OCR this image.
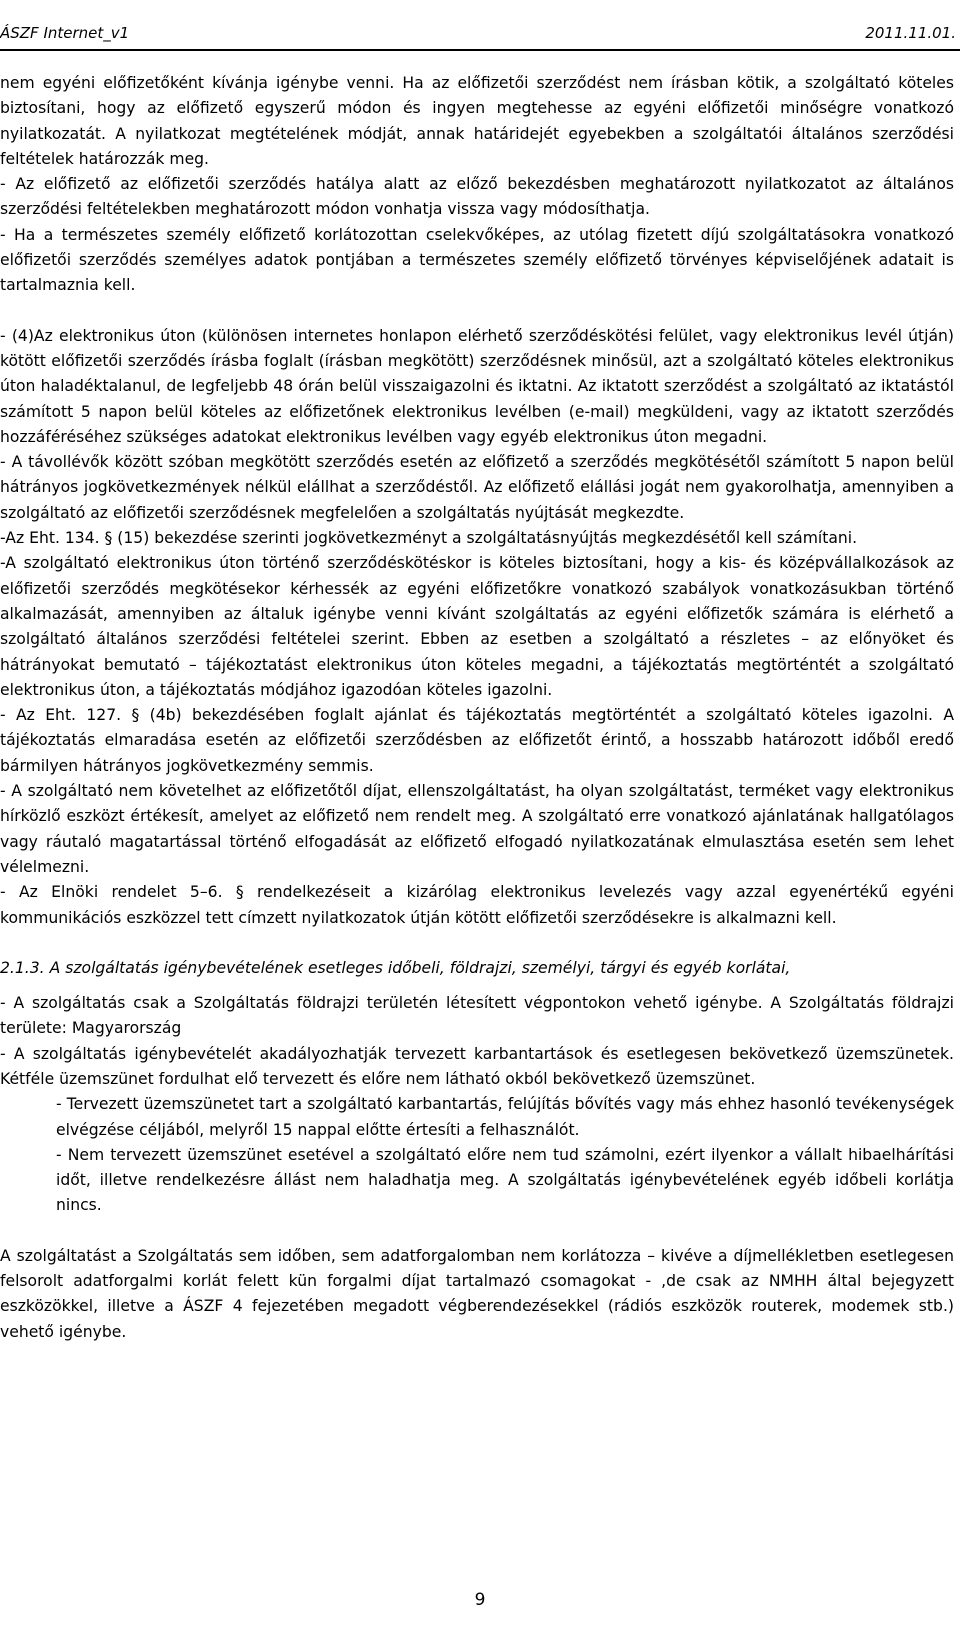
ÁSZF Internet_v1	2011.11.01.

nem egyéni előfizetőként kívánja igénybe venni. Ha az előfizetői szerződést nem írásban kötik, a szolgáltató köteles biztosítani, hogy az előfizető egyszerű módon és ingyen megtehesse az egyéni előfizetői minőségre vonatkozó nyilatkozatát. A nyilatkozat megtételének módját, annak határidejét egyebekben a szolgáltatói általános szerződési feltételek határozzák meg.

- Az előfizető az előfizetői szerződés hatálya alatt az előző bekezdésben meghatározott nyilatkozatot az általános szerződési feltételekben meghatározott módon vonhatja vissza vagy módosíthatja.

- Ha a természetes személy előfizető korlátozottan cselekvőképes, az utólag fizetett díjú szolgáltatásokra vonatkozó előfizetői szerződés személyes adatok pontjában a természetes személy előfizető törvényes képviselőjének adatait is tartalmaznia kell.

- (4)Az elektronikus úton (különösen internetes honlapon elérhető szerződéskötési felület, vagy elektronikus levél útján) kötött előfizetői szerződés írásba foglalt (írásban megkötött) szerződésnek minősül, azt a szolgáltató köteles elektronikus úton haladéktalanul, de legfeljebb 48 órán belül visszaigazolni és iktatni. Az iktatott szerződést a szolgáltató az iktatástól számított 5 napon belül köteles az előfizetőnek elektronikus levélben (e-mail) megküldeni, vagy az iktatott szerződés hozzáféréséhez szükséges adatokat elektronikus levélben vagy egyéb elektronikus úton megadni.

- A távollévők között szóban megkötött szerződés esetén az előfizető a szerződés megkötésétől számított 5 napon belül hátrányos jogkövetkezmények nélkül elállhat a szerződéstől. Az előfizető elállási jogát nem gyakorolhatja, amennyiben a szolgáltató az előfizetői szerződésnek megfelelően a szolgáltatás nyújtását megkezdte.

-Az Eht. 134. § (15) bekezdése szerinti jogkövetkezményt a szolgáltatásnyújtás megkezdésétől kell számítani.

-A szolgáltató elektronikus úton történő szerződéskötéskor is köteles biztosítani, hogy a kis- és középvállalkozások az előfizetői szerződés megkötésekor kérhessék az egyéni előfizetőkre vonatkozó szabályok vonatkozásukban történő alkalmazását, amennyiben az általuk igénybe venni kívánt szolgáltatás az egyéni előfizetők számára is elérhető a szolgáltató általános szerződési feltételei szerint. Ebben az esetben a szolgáltató a részletes – az előnyöket és hátrányokat bemutató – tájékoztatást elektronikus úton köteles megadni, a tájékoztatás megtörténtét a szolgáltató elektronikus úton, a tájékoztatás módjához igazodóan köteles igazolni.

- Az Eht. 127. § (4b) bekezdésében foglalt ajánlat és tájékoztatás megtörténtét a szolgáltató köteles igazolni. A tájékoztatás elmaradása esetén az előfizetői szerződésben az előfizetőt érintő, a hosszabb határozott időből eredő bármilyen hátrányos jogkövetkezmény semmis.

- A szolgáltató nem követelhet az előfizetőtől díjat, ellenszolgáltatást, ha olyan szolgáltatást, terméket vagy elektronikus hírközlő eszközt értékesít, amelyet az előfizető nem rendelt meg. A szolgáltató erre vonatkozó ajánlatának hallgatólagos vagy ráutaló magatartással történő elfogadását az előfizető elfogadó nyilatkozatának elmulasztása esetén sem lehet vélelmezni.

- Az Elnöki rendelet 5–6. § rendelkezéseit a kizárólag elektronikus levelezés vagy azzal egyenértékű egyéni kommunikációs eszközzel tett címzett nyilatkozatok útján kötött előfizetői szerződésekre is alkalmazni kell.

2.1.3. A szolgáltatás igénybevételének esetleges időbeli, földrajzi, személyi, tárgyi és egyéb korlátai,

- A szolgáltatás csak a Szolgáltatás földrajzi területén létesített végpontokon vehető igénybe. A Szolgáltatás földrajzi területe: Magyarország

- A szolgáltatás igénybevételét akadályozhatják tervezett karbantartások és esetlegesen bekövetkező üzemszünetek. Kétféle üzemszünet fordulhat elő tervezett és előre nem látható okból bekövetkező üzemszünet.

- Tervezett üzemszünetet tart a szolgáltató karbantartás, felújítás bővítés vagy más ehhez hasonló tevékenységek elvégzése céljából, melyről 15 nappal előtte értesíti a felhasználót.

- Nem tervezett üzemszünet esetével a szolgáltató előre nem tud számolni, ezért ilyenkor a vállalt hibaelhárítási időt, illetve rendelkezésre állást nem haladhatja meg. A szolgáltatás igénybevételének egyéb időbeli korlátja nincs.

A szolgáltatást a Szolgáltatás sem időben, sem adatforgalomban nem korlátozza – kivéve a díjmellékletben esetlegesen felsorolt adatforgalmi korlát felett kün forgalmi díjat tartalmazó csomagokat - ,de csak az NMHH által bejegyzett eszközökkel, illetve a ÁSZF 4 fejezetében megadott végberendezésekkel (rádiós eszközök routerek, modemek stb.) vehető igénybe.

9
